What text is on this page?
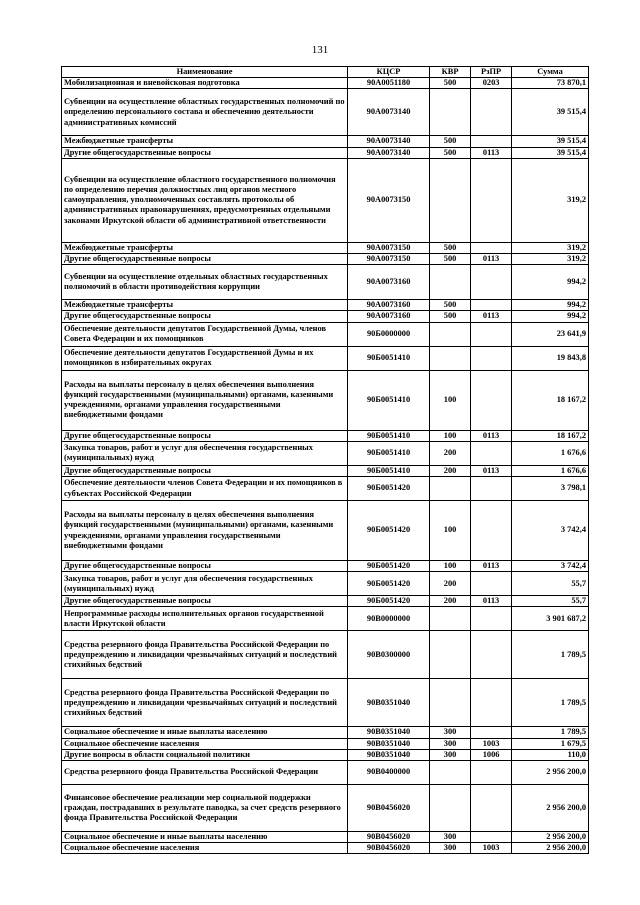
131
Наименование	КЦСР	КВР	РзПР	Сумма
Мобилизационная и вневойсковая подготовка	90А0051180	500	0203	73 870,1
Субвенции на осуществление областных государственных полномочий по определению персонального состава и обеспечению деятельности административных комиссий	90А0073140			39 515,4
Межбюджетные трансферты	90А0073140	500		39 515,4
Другие общегосударственные вопросы	90А0073140	500	0113	39 515,4
Субвенции на осуществление областного государственного полномочия по определению перечня должностных лиц органов местного самоуправления, уполномоченных составлять протоколы об административных правонарушениях, предусмотренных отдельными законами Иркутской области об административной ответственности	90А0073150			319,2
Межбюджетные трансферты	90А0073150	500		319,2
Другие общегосударственные вопросы	90А0073150	500	0113	319,2
Субвенции на осуществление отдельных областных государственных полномочий в области противодействия коррупции	90А0073160			994,2
Межбюджетные трансферты	90А0073160	500		994,2
Другие общегосударственные вопросы	90А0073160	500	0113	994,2
Обеспечение деятельности депутатов Государственной Думы, членов Совета Федерации и их помощников	90Б0000000			23 641,9
Обеспечение деятельности депутатов Государственной Думы и их помощников в избирательных округах	90Б0051410			19 843,8
Расходы на выплаты персоналу в целях обеспечения выполнения функций государственными (муниципальными) органами, казенными учреждениями, органами управления государственными внебюджетными фондами	90Б0051410	100		18 167,2
Другие общегосударственные вопросы	90Б0051410	100	0113	18 167,2
Закупка товаров, работ и услуг для обеспечения государственных (муниципальных) нужд	90Б0051410	200		1 676,6
Другие общегосударственные вопросы	90Б0051410	200	0113	1 676,6
Обеспечение деятельности членов Совета Федерации и их помощников в субъектах Российской Федерации	90Б0051420			3 798,1
Расходы на выплаты персоналу в целях обеспечения выполнения функций государственными (муниципальными) органами, казенными учреждениями, органами управления государственными внебюджетными фондами	90Б0051420	100		3 742,4
Другие общегосударственные вопросы	90Б0051420	100	0113	3 742,4
Закупка товаров, работ и услуг для обеспечения государственных (муниципальных) нужд	90Б0051420	200		55,7
Другие общегосударственные вопросы	90Б0051420	200	0113	55,7
Непрограммные расходы исполнительных органов государственной власти Иркутской области	90В0000000			3 901 687,2
Средства резервного фонда Правительства Российской Федерации по предупреждению и ликвидации чрезвычайных ситуаций и последствий стихийных бедствий	90В0300000			1 789,5
Средства резервного фонда Правительства Российской Федерации по предупреждению и ликвидации чрезвычайных ситуаций и последствий стихийных бедствий	90В0351040			1 789,5
Социальное обеспечение и иные выплаты населению	90В0351040	300		1 789,5
Социальное обеспечение населения	90В0351040	300	1003	1 679,5
Другие вопросы в области социальной политики	90В0351040	300	1006	110,0
Средства резервного фонда Правительства Российской Федерации	90В0400000			2 956 200,0
Финансовое обеспечение реализации мер социальной поддержки граждан, пострадавших в результате паводка, за счет средств резервного фонда Правительства Российской Федерации	90В0456020			2 956 200,0
Социальное обеспечение и иные выплаты населению	90В0456020	300		2 956 200,0
Социальное обеспечение населения	90В0456020	300	1003	2 956 200,0
